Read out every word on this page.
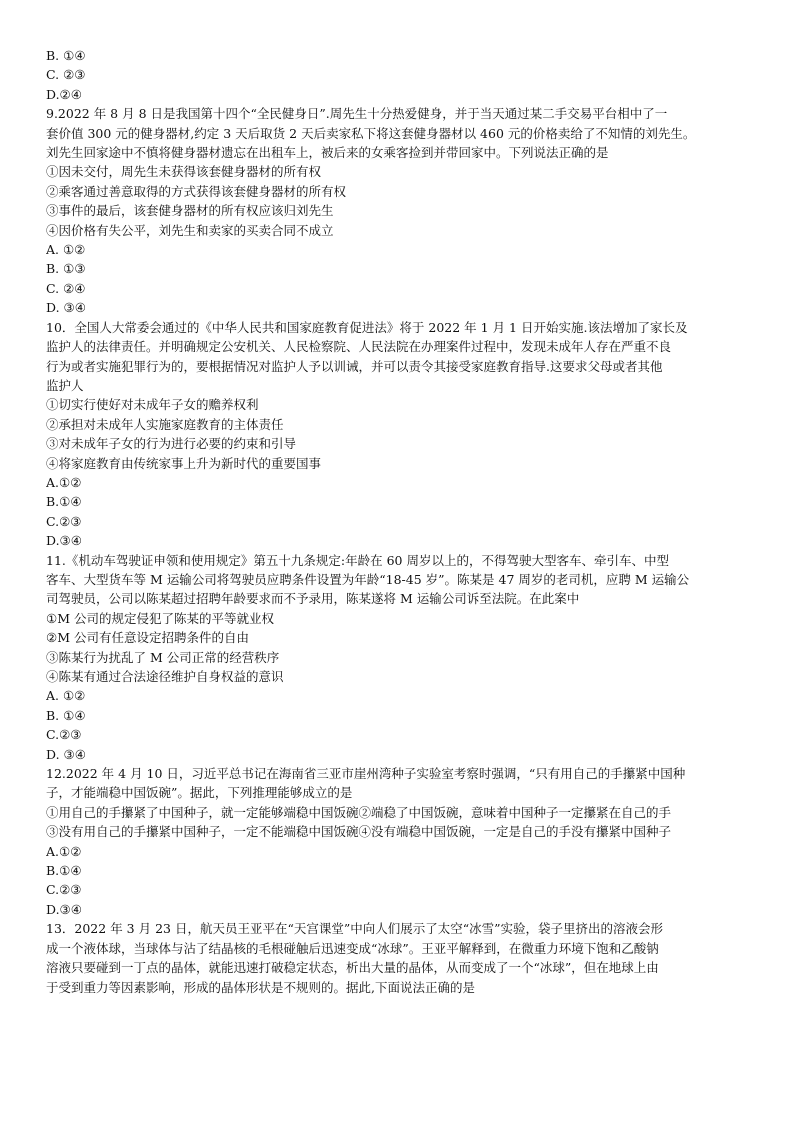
B. ①④
C. ②③
D.②④
9.2022 年 8 月 8 日是我国第十四个“全民健身日”.周先生十分热爱健身，并于当天通过某二手交易平台相中了一
套价值 300 元的健身器材,约定 3 天后取货 2 天后卖家私下将这套健身器材以 460 元的价格卖给了不知情的刘先生。
刘先生回家途中不慎将健身器材遗忘在出租车上，被后来的女乘客捡到并带回家中。下列说法正确的是
①因未交付，周先生未获得该套健身器材的所有权
②乘客通过善意取得的方式获得该套健身器材的所有权
③事件的最后，该套健身器材的所有权应该归刘先生
④因价格有失公平，刘先生和卖家的买卖合同不成立
A. ①②
B. ①③
C. ②④
D. ③④
10．全国人大常委会通过的《中华人民共和国家庭教育促进法》将于 2022 年 1 月 1 日开始实施.该法增加了家长及
监护人的法律责任。并明确规定公安机关、人民检察院、人民法院在办理案件过程中，发现未成年人存在严重不良
行为或者实施犯罪行为的，要根据情况对监护人予以训诫，并可以责令其接受家庭教育指导.这要求父母或者其他
监护人
①切实行使好对未成年子女的赡养权利
②承担对未成年人实施家庭教育的主体责任
③对未成年子女的行为进行必要的约束和引导
④将家庭教育由传统家事上升为新时代的重要国事
A.①②
B.①④
C.②③
D.③④
11.《机动车驾驶证申领和使用规定》第五十九条规定:年龄在 60 周岁以上的，不得驾驶大型客车、牵引车、中型
客车、大型货车等 M 运输公司将驾驶员应聘条件设置为年龄“18-45 岁”。陈某是 47 周岁的老司机，应聘 M 运输公
司驾驶员，公司以陈某超过招聘年龄要求而不予录用，陈某遂将 M 运输公司诉至法院。在此案中
①M 公司的规定侵犯了陈某的平等就业权
②M 公司有任意设定招聘条件的自由
③陈某行为扰乱了 M 公司正常的经营秩序
④陈某有通过合法途径维护自身权益的意识
A. ①②
B. ①④
C.②③
D. ③④
12.2022 年 4 月 10 日，习近平总书记在海南省三亚市崖州湾种子实验室考察时强调，“只有用自己的手攥紧中国种
子，才能端稳中国饭碗”。据此，下列推理能够成立的是
①用自己的手攥紧了中国种子，就一定能够端稳中国饭碗②端稳了中国饭碗，意味着中国种子一定攥紧在自己的手
③没有用自己的手攥紧中国种子，一定不能端稳中国饭碗④没有端稳中国饭碗，一定是自己的手没有攥紧中国种子
A.①②
B.①④
C.②③
D.③④
13．2022 年 3 月 23 日，航天员王亚平在“天宫课堂”中向人们展示了太空“冰雪”实验，袋子里挤出的溶液会形
成一个液体球，当球体与沾了结晶核的毛根碰触后迅速变成“冰球”。王亚平解释到，在微重力环境下饱和乙酸钠
溶液只要碰到一丁点的晶体，就能迅速打破稳定状态，析出大量的晶体，从而变成了一个“冰球”，但在地球上由
于受到重力等因素影响，形成的晶体形状是不规则的。据此,下面说法正确的是
